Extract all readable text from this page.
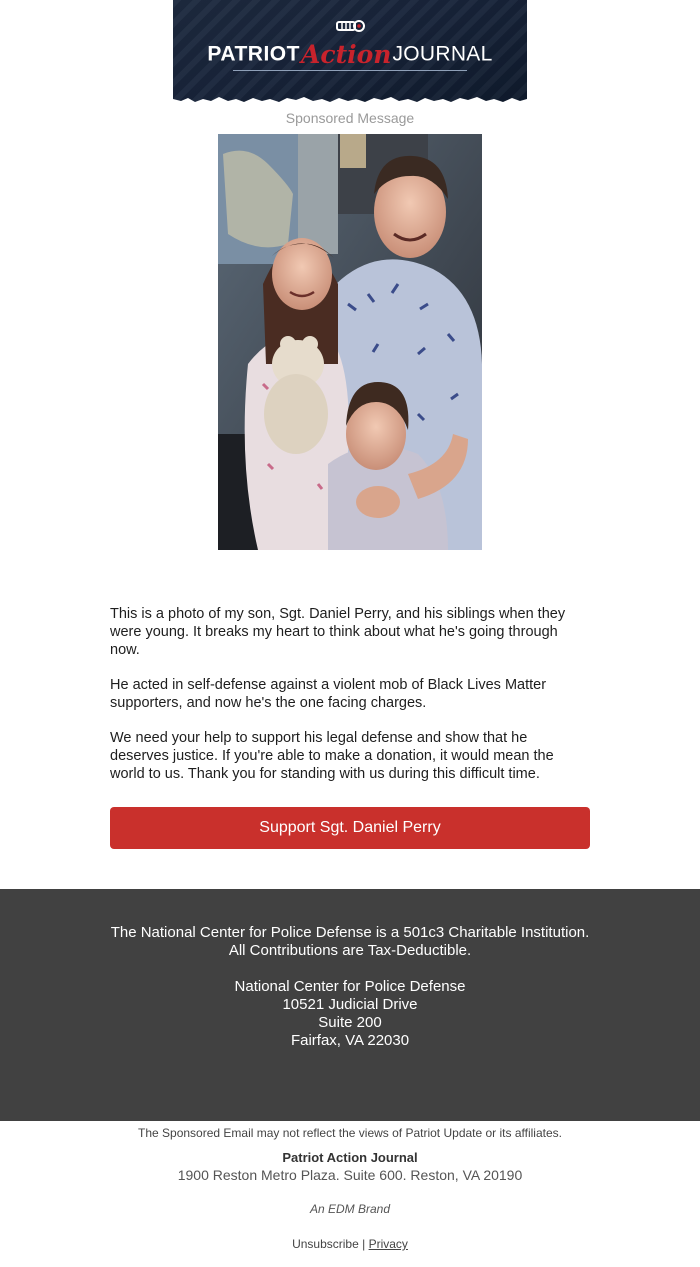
PATRIOTActionJOURNAL
Sponsored Message
This is a photo of my son, Sgt. Daniel Perry, and his siblings when they were young. It breaks my heart to think about what he's going through now.
He acted in self-defense against a violent mob of Black Lives Matter supporters, and now he's the one facing charges.
We need your help to support his legal defense and show that he deserves justice. If you're able to make a donation, it would mean the world to us. Thank you for standing with us during this difficult time.
Support Sgt. Daniel Perry
The National Center for Police Defense is a 501c3 Charitable Institution.
All Contributions are Tax-Deductible.
National Center for Police Defense
10521 Judicial Drive
Suite 200
Fairfax, VA 22030
The Sponsored Email may not reflect the views of Patriot Update or its affiliates.
Patriot Action Journal
1900 Reston Metro Plaza. Suite 600. Reston, VA 20190
An EDM Brand
Unsubscribe | Privacy
